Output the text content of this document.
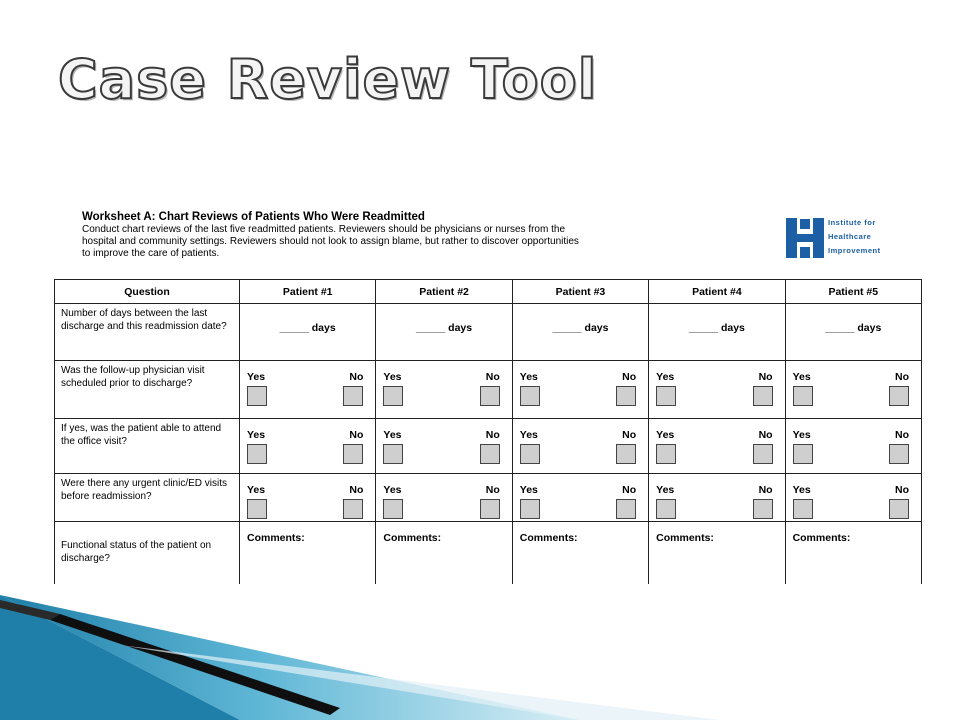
Case Review Tool
Worksheet A: Chart Reviews of Patients Who Were Readmitted
Conduct chart reviews of the last five readmitted patients. Reviewers should be physicians or nurses from the
hospital and community settings. Reviewers should not look to assign blame, but rather to discover opportunities
to improve the care of patients.
Institute for
Healthcare
Improvement
Question	Patient #1	Patient #2	Patient #3	Patient #4	Patient #5
Number of days between the last discharge and this readmission date?	_____ days	_____ days	_____ days	_____ days	_____ days

Was the follow-up physician visit scheduled prior to discharge?	Yes No	Yes No	Yes No	Yes No	Yes No

If yes, was the patient able to attend the office visit?	Yes No	Yes No	Yes No	Yes No	Yes No

Were there any urgent clinic/ED visits before readmission?	Yes No	Yes No	Yes No	Yes No	Yes No

Functional status of the patient on discharge?	Comments:	Comments:	Comments:	Comments:	Comments:
